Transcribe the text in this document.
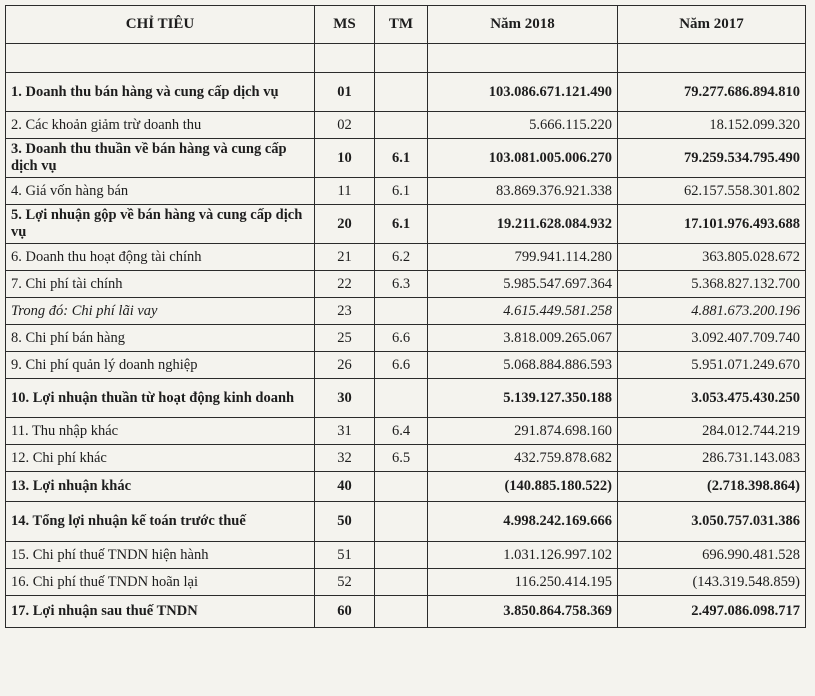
CHỈ TIÊU	MS	TM	Năm 2018	Năm 2017

1. Doanh thu bán hàng và cung cấp dịch vụ	01		103.086.671.121.490	79.277.686.894.810
2. Các khoản giảm trừ doanh thu	02		5.666.115.220	18.152.099.320
3. Doanh thu thuần về bán hàng và cung cấp dịch vụ	10	6.1	103.081.005.006.270	79.259.534.795.490
4. Giá vốn hàng bán	11	6.1	83.869.376.921.338	62.157.558.301.802
5. Lợi nhuận gộp về bán hàng và cung cấp dịch vụ	20	6.1	19.211.628.084.932	17.101.976.493.688
6. Doanh thu hoạt động tài chính	21	6.2	799.941.114.280	363.805.028.672
7. Chi phí tài chính	22	6.3	5.985.547.697.364	5.368.827.132.700
Trong đó: Chi phí lãi vay	23		4.615.449.581.258	4.881.673.200.196
8. Chi phí bán hàng	25	6.6	3.818.009.265.067	3.092.407.709.740
9. Chi phí quản lý doanh nghiệp	26	6.6	5.068.884.886.593	5.951.071.249.670
10. Lợi nhuận thuần từ hoạt động kinh doanh	30		5.139.127.350.188	3.053.475.430.250
11. Thu nhập khác	31	6.4	291.874.698.160	284.012.744.219
12. Chi phí khác	32	6.5	432.759.878.682	286.731.143.083
13. Lợi nhuận khác	40		(140.885.180.522)	(2.718.398.864)
14. Tổng lợi nhuận kế toán trước thuế	50		4.998.242.169.666	3.050.757.031.386
15. Chi phí thuế TNDN hiện hành	51		1.031.126.997.102	696.990.481.528
16. Chi phí thuế TNDN hoãn lại	52		116.250.414.195	(143.319.548.859)
17. Lợi nhuận sau thuế TNDN	60		3.850.864.758.369	2.497.086.098.717
